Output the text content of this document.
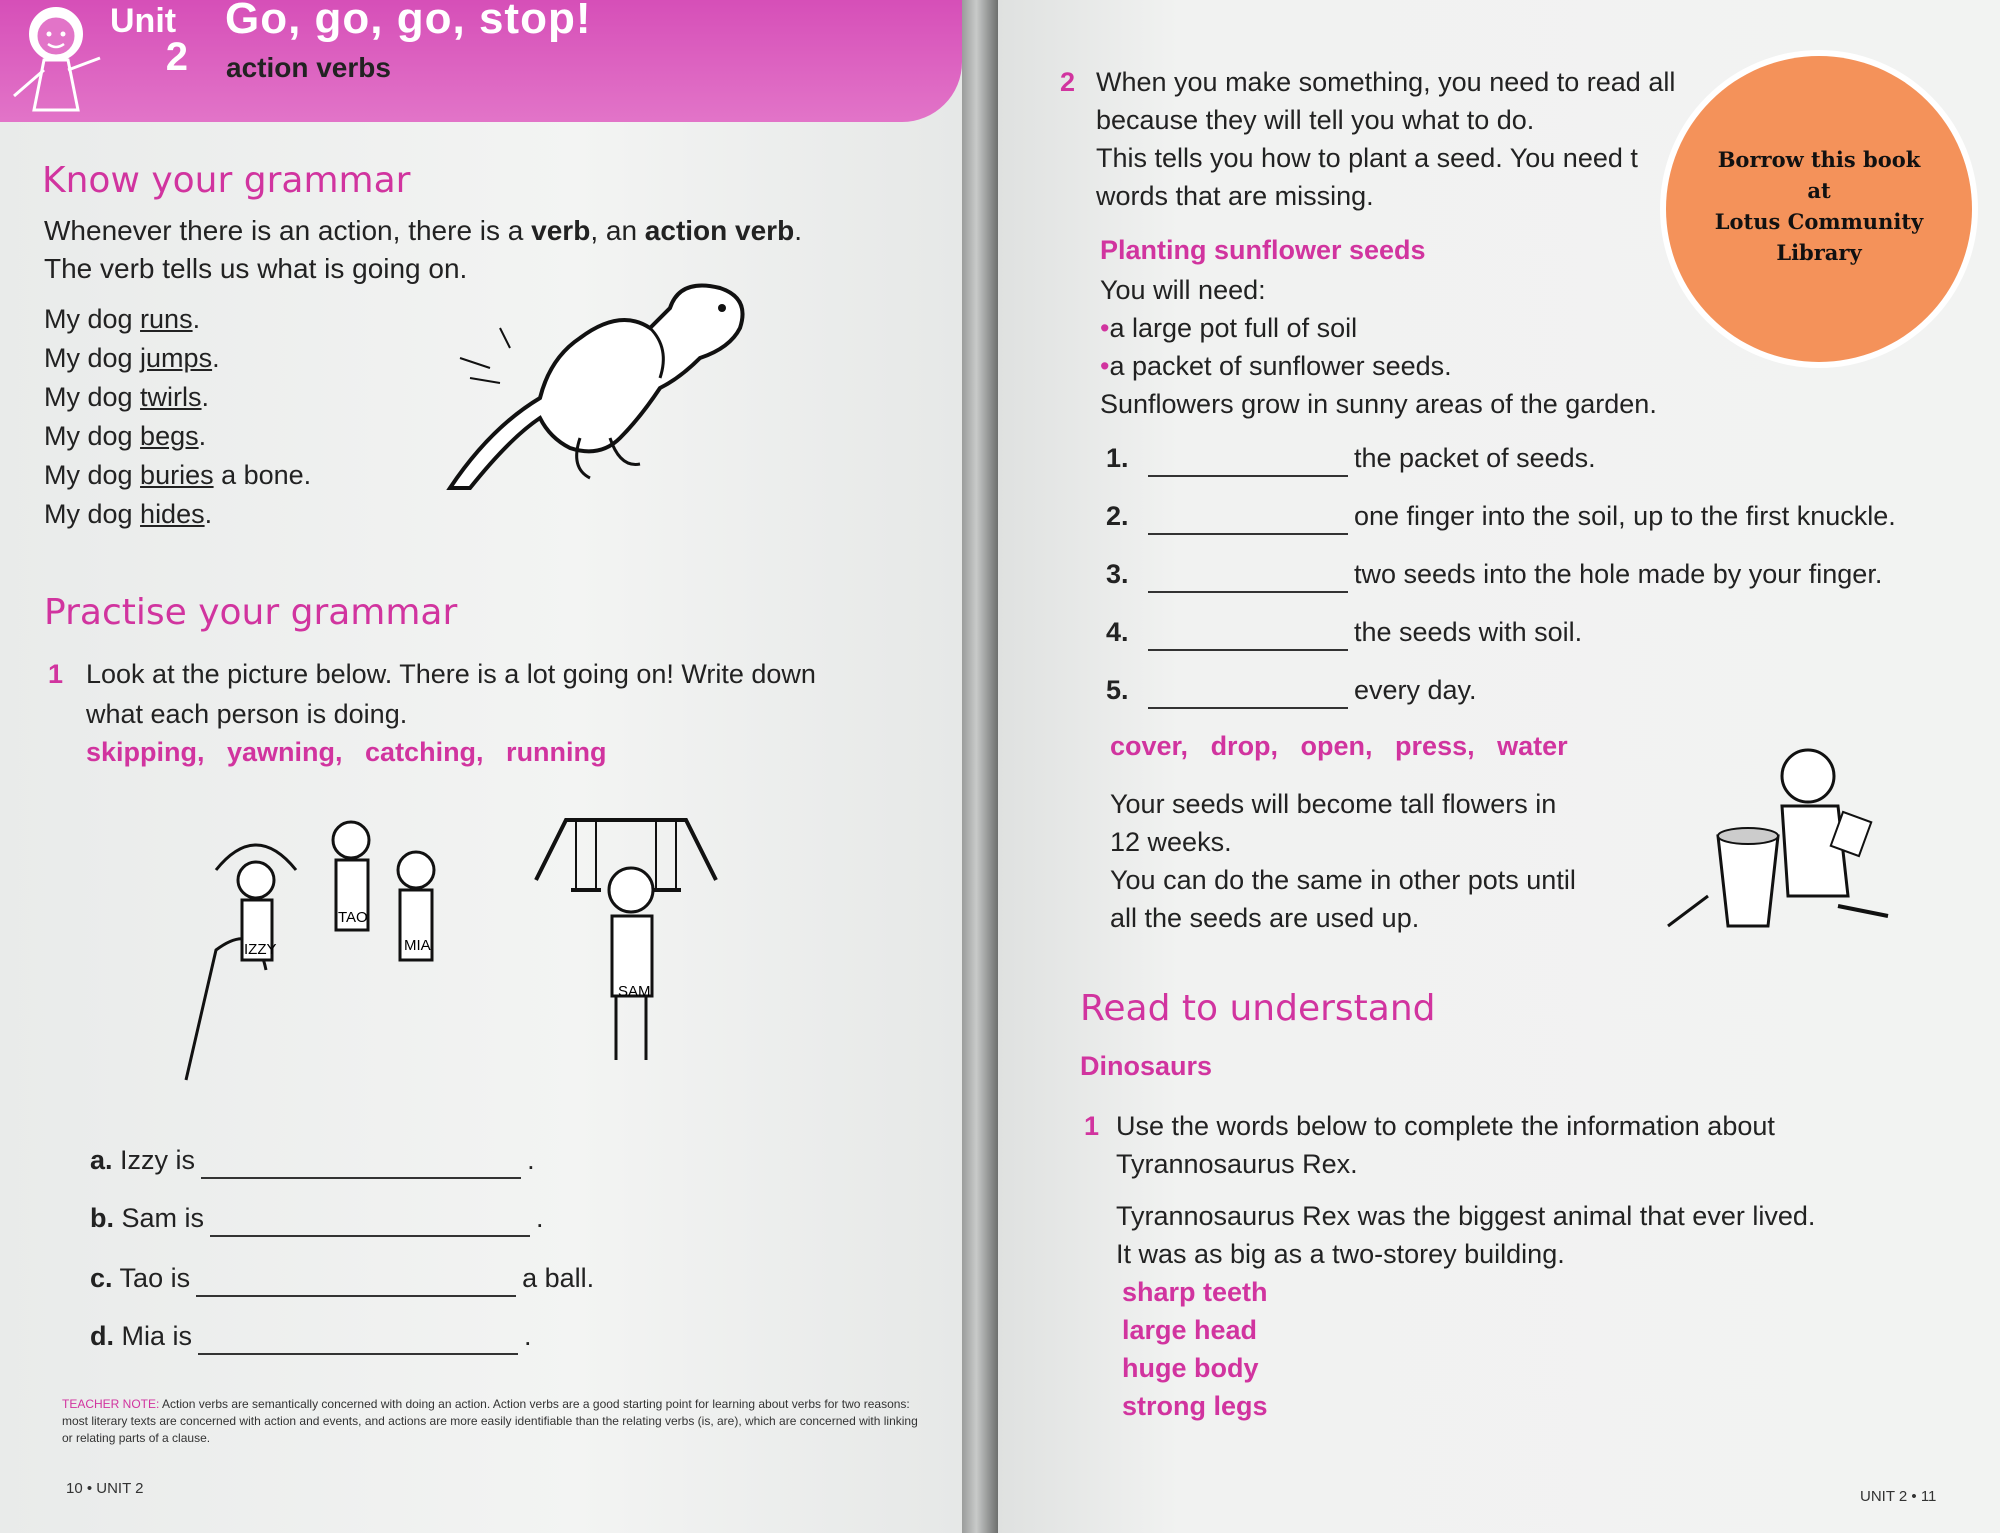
Unit
2
Go, go, go, stop!
action verbs
Know your grammar
Whenever there is an action, there is a verb, an action verb.
The verb tells us what is going on.
My dog runs.
My dog jumps.
My dog twirls.
My dog begs.
My dog buries a bone.
My dog hides.
Practise your grammar
1 Look at the picture below. There is a lot going on! Write down
what each person is doing.
skipping,   yawning,   catching,   running
IZZY
TAO
MIA
SAM
a. Izzy is	.
b. Sam is	.
c. Tao is	a ball.
d. Mia is	.
TEACHER NOTE: Action verbs are semantically concerned with doing an action. Action verbs are a good starting point for learning about verbs for two reasons: most literary texts are concerned with action and events, and actions are more easily identifiable than the relating verbs (is, are), which are concerned with linking or relating parts of a clause.
10 • UNIT 2
2 When you make something, you need to read all
because they will tell you what to do.
This tells you how to plant a seed. You need t
words that are missing.
Planting sunflower seeds
You will need:
•a large pot full of soil
•a packet of sunflower seeds.
Sunflowers grow in sunny areas of the garden.
1.	the packet of seeds.
2.	one finger into the soil, up to the first knuckle.
3.	two seeds into the hole made by your finger.
4.	the seeds with soil.
5.	every day.
cover,   drop,   open,   press,   water
Your seeds will become tall flowers in
12 weeks.
You can do the same in other pots until
all the seeds are used up.
Read to understand
Dinosaurs
1 Use the words below to complete the information about
Tyrannosaurus Rex.
Tyrannosaurus Rex was the biggest animal that ever lived.
It was as big as a two-storey building.
sharp teeth
large head
huge body
strong legs
UNIT 2 • 11
Borrow this book at
Lotus Community
Library
